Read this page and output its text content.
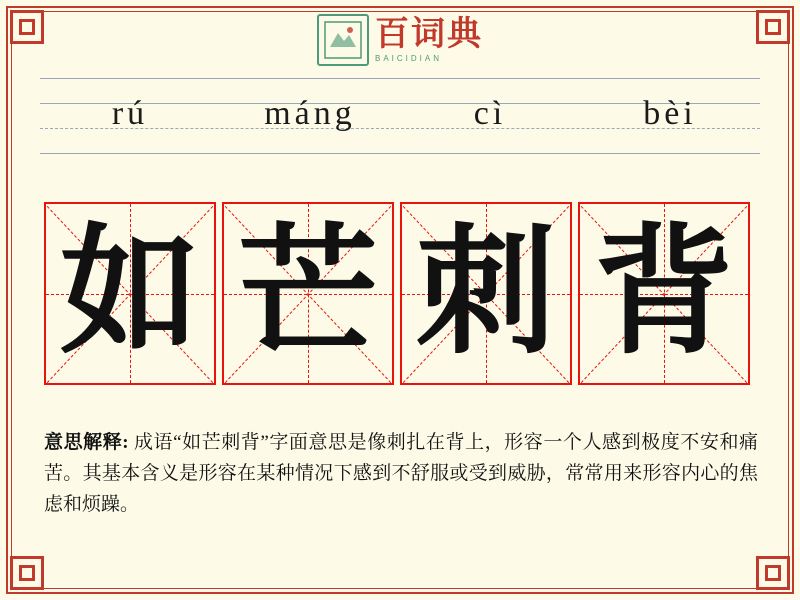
百词典
BAICIDIAN
rú	máng	cì	bèi
如 芒 刺 背
意思解释: 成语“如芒刺背”字面意思是像刺扎在背上，形容一个人感到极度不安和痛苦。其基本含义是形容在某种情况下感到不舒服或受到威胁，常常用来形容内心的焦虑和烦躁。
